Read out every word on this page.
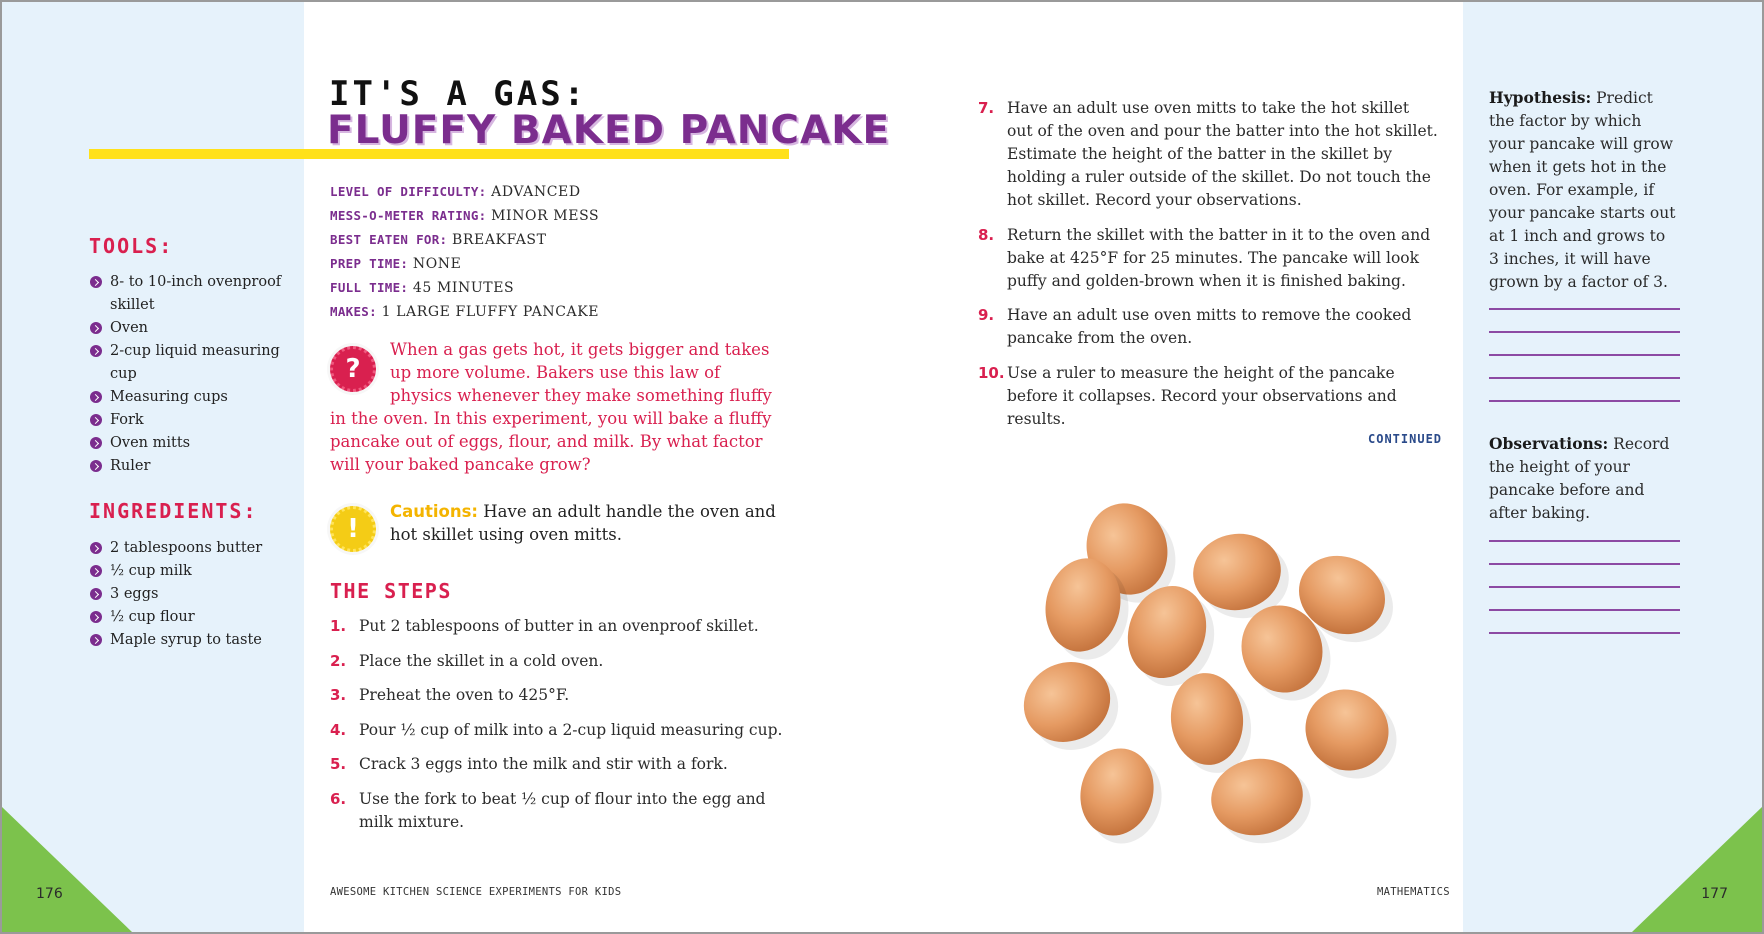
176	177
AWESOME KITCHEN SCIENCE EXPERIMENTS FOR KIDS	MATHEMATICS
TOOLS:
8- to 10-inch ovenproof skillet
Oven
2-cup liquid measuring cup
Measuring cups
Fork
Oven mitts
Ruler
INGREDIENTS:
2 tablespoons butter
½ cup milk
3 eggs
½ cup flour
Maple syrup to taste
IT'S A GAS:
FLUFFY BAKED PANCAKE
LEVEL OF DIFFICULTY: ADVANCED
MESS-O-METER RATING: MINOR MESS
BEST EATEN FOR: BREAKFAST
PREP TIME: NONE
FULL TIME: 45 MINUTES
MAKES: 1 LARGE FLUFFY PANCAKE
?
When a gas gets hot, it gets bigger and takes up more volume. Bakers use this law of physics whenever they make something fluffy in the oven. In this experiment, you will bake a fluffy pancake out of eggs, flour, and milk. By what factor will your baked pancake grow?
!
Cautions: Have an adult handle the oven and hot skillet using oven mitts.
THE STEPS
1. Put 2 tablespoons of butter in an ovenproof skillet.
2. Place the skillet in a cold oven.
3. Preheat the oven to 425°F.
4. Pour ½ cup of milk into a 2-cup liquid measuring cup.
5. Crack 3 eggs into the milk and stir with a fork.
6. Use the fork to beat ½ cup of flour into the egg and milk mixture.
7. Have an adult use oven mitts to take the hot skillet out of the oven and pour the batter into the hot skillet. Estimate the height of the batter in the skillet by holding a ruler outside of the skillet. Do not touch the hot skillet. Record your observations.
8. Return the skillet with the batter in it to the oven and bake at 425°F for 25 minutes. The pancake will look puffy and golden-brown when it is finished baking.
9. Have an adult use oven mitts to remove the cooked pancake from the oven.
10. Use a ruler to measure the height of the pancake before it collapses. Record your observations and results.
CONTINUED
Hypothesis: Predict the factor by which your pancake will grow when it gets hot in the oven. For example, if your pancake starts out at 1 inch and grows to 3 inches, it will have grown by a factor of 3.
Observations: Record the height of your pancake before and after baking.
